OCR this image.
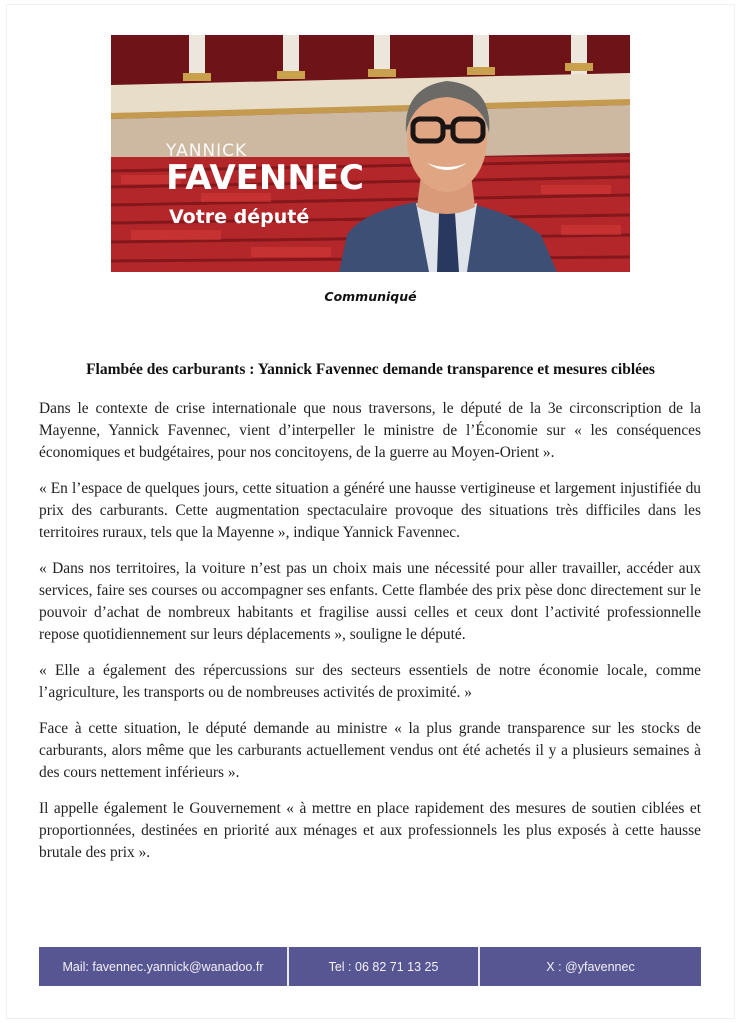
YANNICK
FAVENNEC
Votre député
Communiqué
Flambée des carburants : Yannick Favennec demande transparence et mesures ciblées

Dans le contexte de crise internationale que nous traversons, le député de la 3e circonscription de la Mayenne, Yannick Favennec, vient d’interpeller le ministre de l’Économie sur « les conséquences économiques et budgétaires, pour nos concitoyens, de la guerre au Moyen-Orient ».

« En l’espace de quelques jours, cette situation a généré une hausse vertigineuse et largement injustifiée du prix des carburants. Cette augmentation spectaculaire provoque des situations très difficiles dans les territoires ruraux, tels que la Mayenne », indique Yannick Favennec.

« Dans nos territoires, la voiture n’est pas un choix mais une nécessité pour aller travailler, accéder aux services, faire ses courses ou accompagner ses enfants. Cette flambée des prix pèse donc directement sur le pouvoir d’achat de nombreux habitants et fragilise aussi celles et ceux dont l’activité professionnelle repose quotidiennement sur leurs déplacements », souligne le député.

« Elle a également des répercussions sur des secteurs essentiels de notre économie locale, comme l’agriculture, les transports ou de nombreuses activités de proximité. »

Face à cette situation, le député demande au ministre « la plus grande transparence sur les stocks de carburants, alors même que les carburants actuellement vendus ont été achetés il y a plusieurs semaines à des cours nettement inférieurs ».

Il appelle également le Gouvernement « à mettre en place rapidement des mesures de soutien ciblées et proportionnées, destinées en priorité aux ménages et aux professionnels les plus exposés à cette hausse brutale des prix ».

Mail: favennec.yannick@wanadoo.fr	Tel : 06 82 71 13 25	X : @yfavennec
